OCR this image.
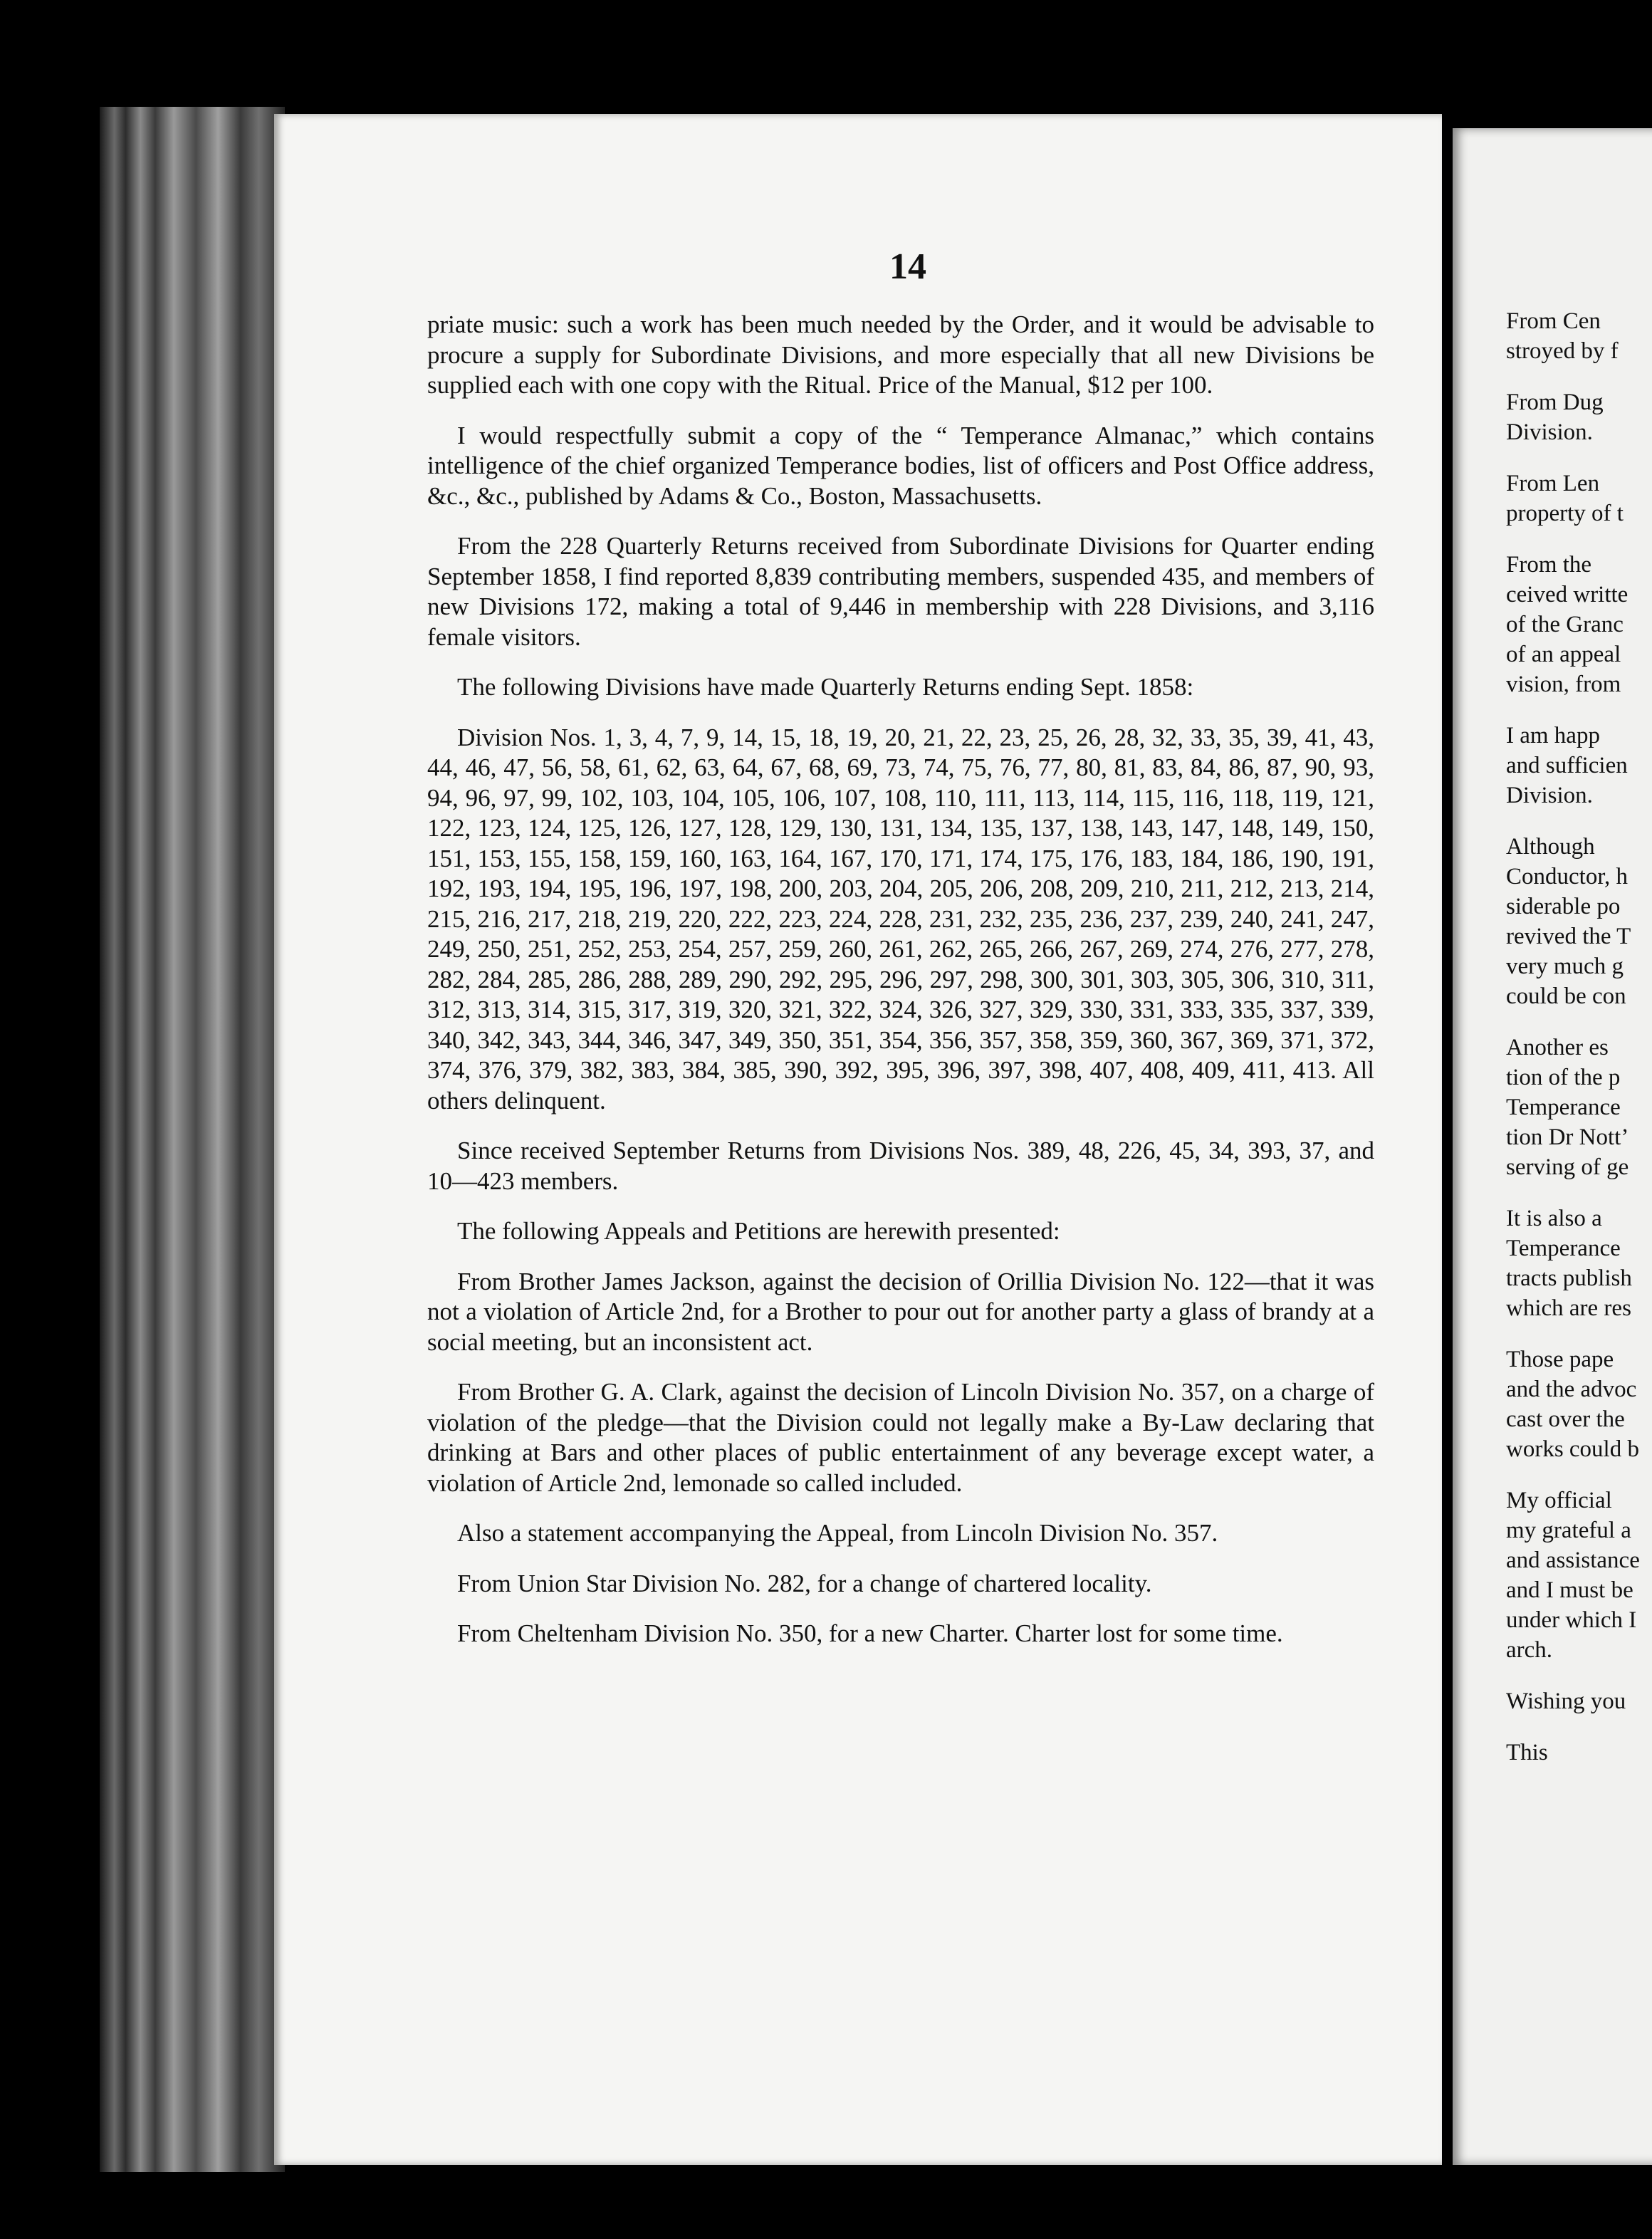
14

priate music: such a work has been much needed by the Order, and it would be advisable to procure a supply for Subordinate Divisions, and more especially that all new Divisions be supplied each with one copy with the Ritual. Price of the Manual, $12 per 100.

I would respectfully submit a copy of the “ Temperance Almanac,” which contains intelligence of the chief organized Temperance bodies, list of officers and Post Office address, &c., &c., published by Adams & Co., Boston, Massachusetts.

From the 228 Quarterly Returns received from Subordinate Divisions for Quarter ending September 1858, I find reported 8,839 contributing members, suspended 435, and members of new Divisions 172, making a total of 9,446 in membership with 228 Divisions, and 3,116 female visitors.

The following Divisions have made Quarterly Returns ending Sept. 1858:

Division Nos. 1, 3, 4, 7, 9, 14, 15, 18, 19, 20, 21, 22, 23, 25, 26, 28, 32, 33, 35, 39, 41, 43, 44, 46, 47, 56, 58, 61, 62, 63, 64, 67, 68, 69, 73, 74, 75, 76, 77, 80, 81, 83, 84, 86, 87, 90, 93, 94, 96, 97, 99, 102, 103, 104, 105, 106, 107, 108, 110, 111, 113, 114, 115, 116, 118, 119, 121, 122, 123, 124, 125, 126, 127, 128, 129, 130, 131, 134, 135, 137, 138, 143, 147, 148, 149, 150, 151, 153, 155, 158, 159, 160, 163, 164, 167, 170, 171, 174, 175, 176, 183, 184, 186, 190, 191, 192, 193, 194, 195, 196, 197, 198, 200, 203, 204, 205, 206, 208, 209, 210, 211, 212, 213, 214, 215, 216, 217, 218, 219, 220, 222, 223, 224, 228, 231, 232, 235, 236, 237, 239, 240, 241, 247, 249, 250, 251, 252, 253, 254, 257, 259, 260, 261, 262, 265, 266, 267, 269, 274, 276, 277, 278, 282, 284, 285, 286, 288, 289, 290, 292, 295, 296, 297, 298, 300, 301, 303, 305, 306, 310, 311, 312, 313, 314, 315, 317, 319, 320, 321, 322, 324, 326, 327, 329, 330, 331, 333, 335, 337, 339, 340, 342, 343, 344, 346, 347, 349, 350, 351, 354, 356, 357, 358, 359, 360, 367, 369, 371, 372, 374, 376, 379, 382, 383, 384, 385, 390, 392, 395, 396, 397, 398, 407, 408, 409, 411, 413. All others delinquent.

Since received September Returns from Divisions Nos. 389, 48, 226, 45, 34, 393, 37, and 10—423 members.

The following Appeals and Petitions are herewith presented:

From Brother James Jackson, against the decision of Orillia Division No. 122—that it was not a violation of Article 2nd, for a Brother to pour out for another party a glass of brandy at a social meeting, but an inconsistent act.

From Brother G. A. Clark, against the decision of Lincoln Division No. 357, on a charge of violation of the pledge—that the Division could not legally make a By-Law declaring that drinking at Bars and other places of public entertainment of any beverage except water, a violation of Article 2nd, lemonade so called included.

Also a statement accompanying the Appeal, from Lincoln Division No. 357.

From Union Star Division No. 282, for a change of chartered locality.

From Cheltenham Division No. 350, for a new Charter. Charter lost for some time.

From Cen
stroyed by f
From Dug
Division.
From Len
property of t
From the
ceived writte
of the Granc
of an appeal
vision, from
I am happ
and sufficien
Division.
Although
Conductor, h
siderable po
revived the T
very much g
could be con
Another es
tion of the p
Temperance
tion Dr Nott’
serving of ge
It is also a
Temperance
tracts publish
which are res
Those pape
and the advoc
cast over the
works could b
My official
my grateful a
and assistance
and I must be
under which I
arch.
Wishing you
This
